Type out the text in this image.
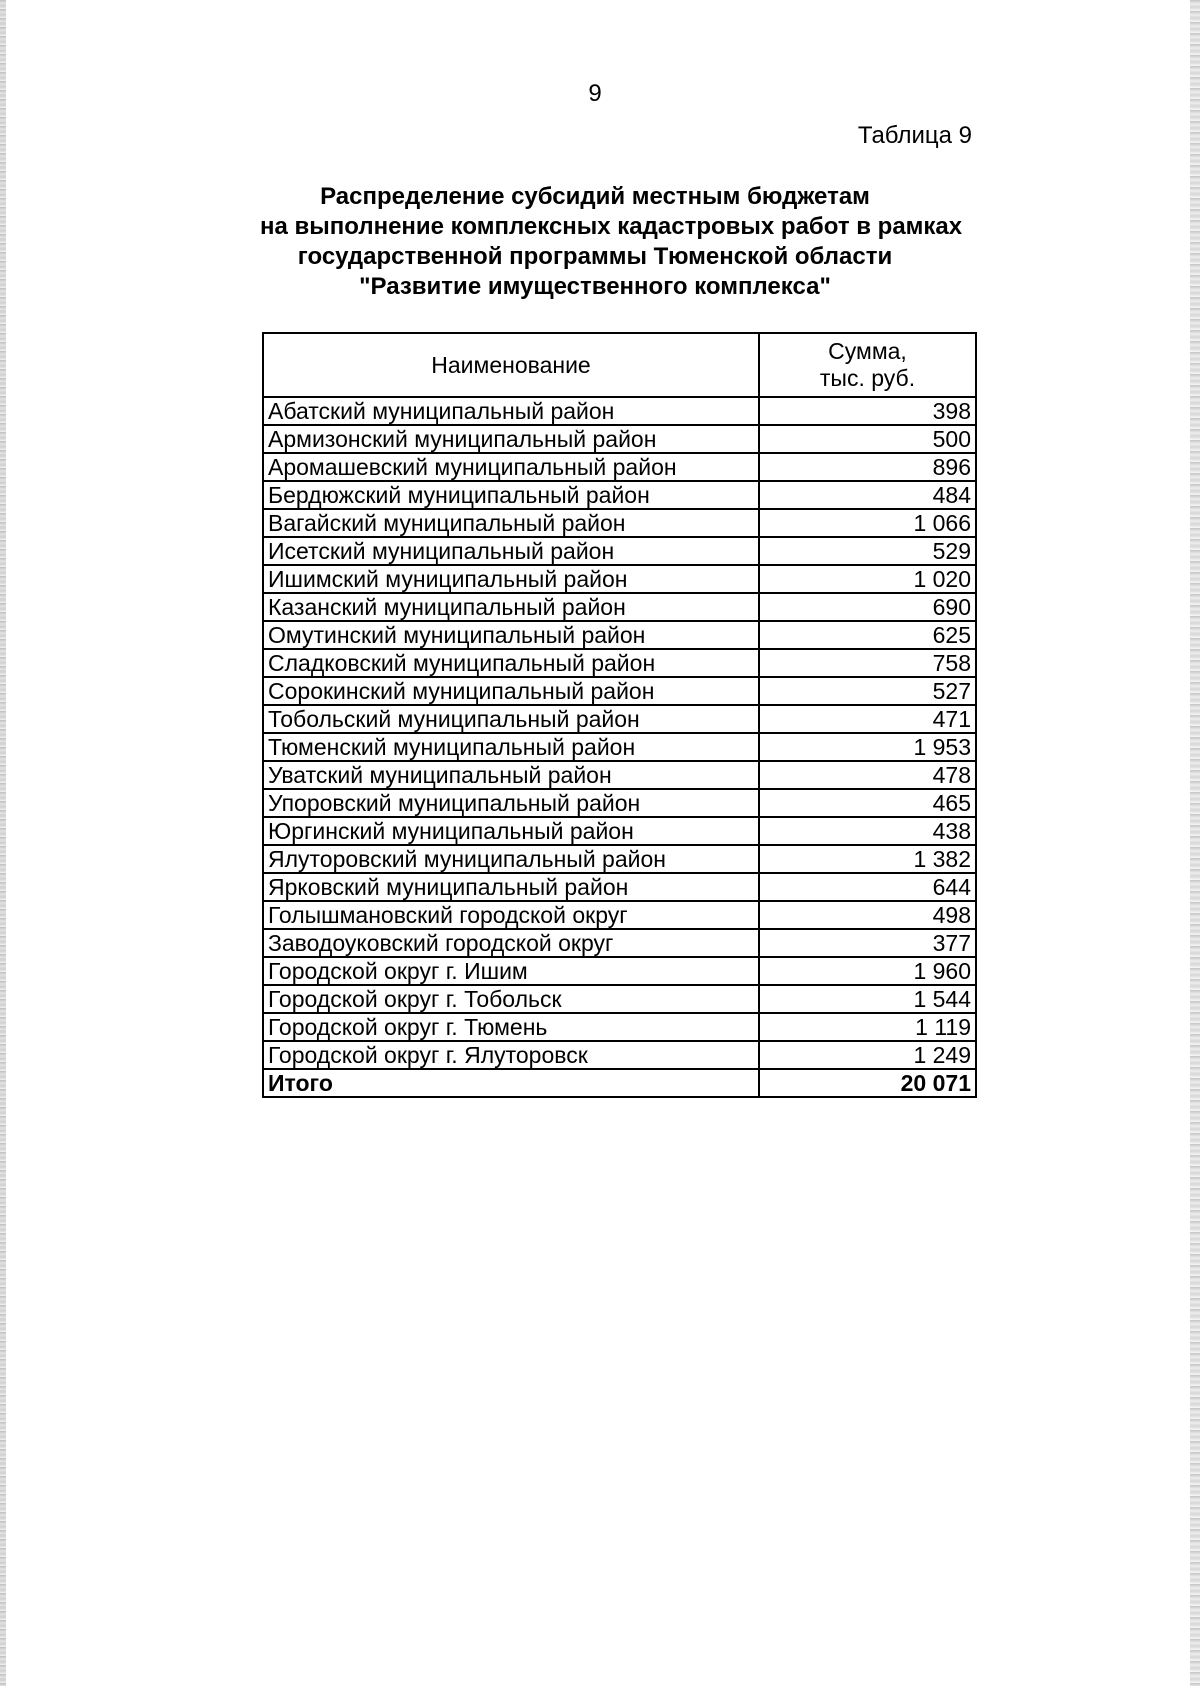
9
Таблица 9
Распределение субсидий местным бюджетам
на выполнение комплексных кадастровых работ в рамках
государственной программы Тюменской области
"Развитие имущественного комплекса"
Наименование	Сумма,
тыс. руб.

Абатский муниципальный район	398
Армизонский муниципальный район	500
Аромашевский муниципальный район	896
Бердюжский муниципальный район	484
Вагайский муниципальный район	1 066
Исетский муниципальный район	529
Ишимский муниципальный район	1 020
Казанский муниципальный район	690
Омутинский муниципальный район	625
Сладковский муниципальный район	758
Сорокинский муниципальный район	527
Тобольский муниципальный район	471
Тюменский муниципальный район	1 953
Уватский муниципальный район	478
Упоровский муниципальный район	465
Юргинский муниципальный район	438
Ялуторовский муниципальный район	1 382
Ярковский муниципальный район	644
Голышмановский городской округ	498
Заводоуковский городской округ	377
Городской округ г. Ишим	1 960
Городской округ г. Тобольск	1 544
Городской округ г. Тюмень	1 119
Городской округ г. Ялуторовск	1 249
Итого	20 071
